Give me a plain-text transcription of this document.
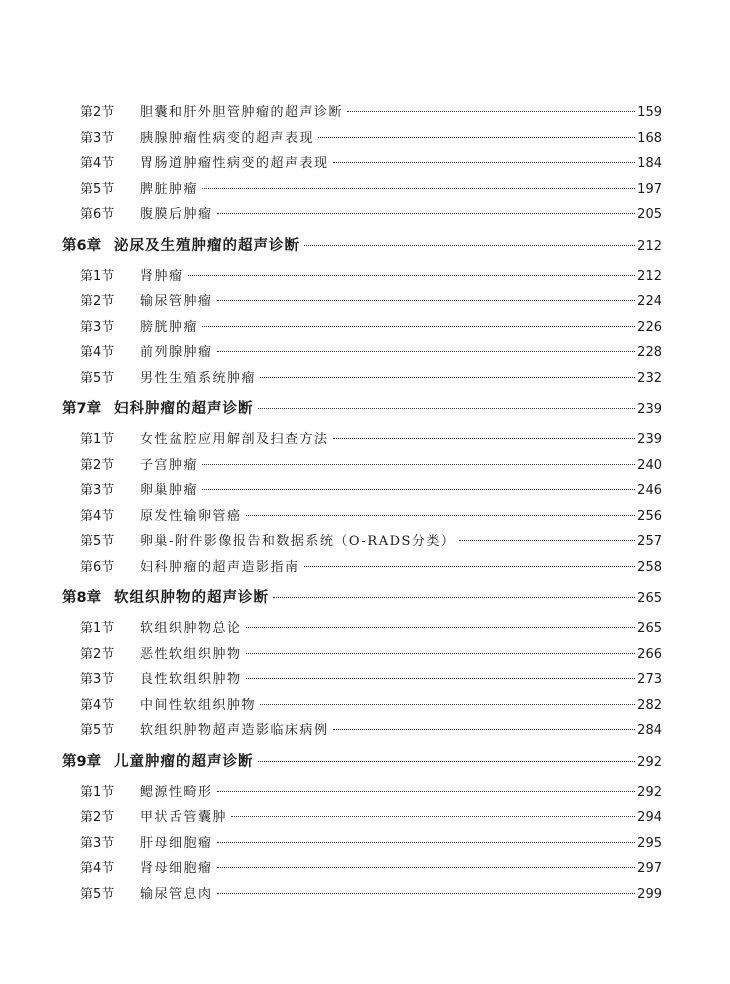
第2节	胆囊和肝外胆管肿瘤的超声诊断	159
第3节	胰腺肿瘤性病变的超声表现	168
第4节	胃肠道肿瘤性病变的超声表现	184
第5节	脾脏肿瘤	197
第6节	腹膜后肿瘤	205
第6章 泌尿及生殖肿瘤的超声诊断	212
第1节	肾肿瘤	212
第2节	输尿管肿瘤	224
第3节	膀胱肿瘤	226
第4节	前列腺肿瘤	228
第5节	男性生殖系统肿瘤	232
第7章 妇科肿瘤的超声诊断	239
第1节	女性盆腔应用解剖及扫查方法	239
第2节	子宫肿瘤	240
第3节	卵巢肿瘤	246
第4节	原发性输卵管癌	256
第5节	卵巢-附件影像报告和数据系统（O-RADS分类）	257
第6节	妇科肿瘤的超声造影指南	258
第8章 软组织肿物的超声诊断	265
第1节	软组织肿物总论	265
第2节	恶性软组织肿物	266
第3节	良性软组织肿物	273
第4节	中间性软组织肿物	282
第5节	软组织肿物超声造影临床病例	284
第9章 儿童肿瘤的超声诊断	292
第1节	鳃源性畸形	292
第2节	甲状舌管囊肿	294
第3节	肝母细胞瘤	295
第4节	肾母细胞瘤	297
第5节	输尿管息肉	299
